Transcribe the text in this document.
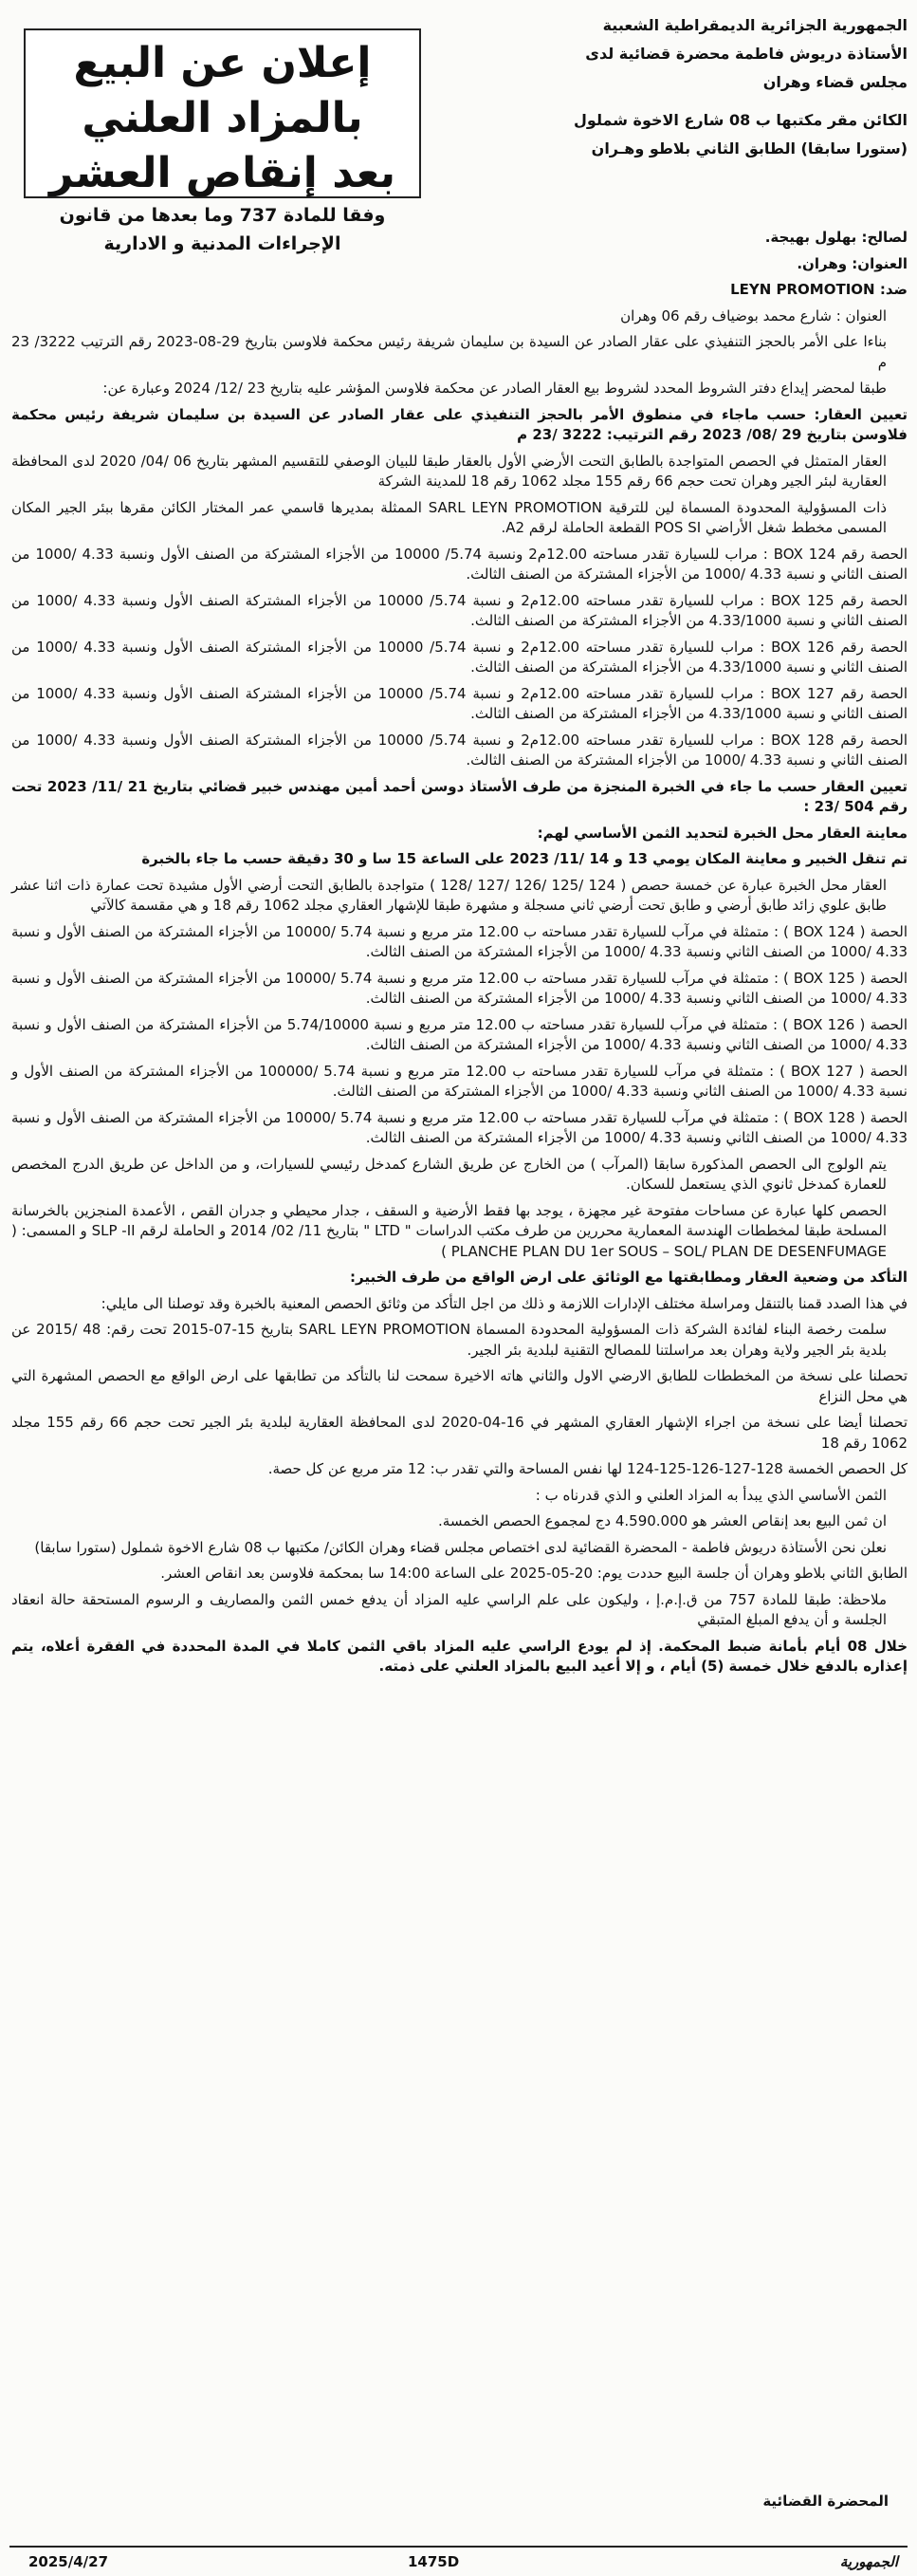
إعلان عن البيع بالمزاد العلني
بعد إنقاص العشر
وفقا للمادة 737 وما بعدها من قانون الإجراءات المدنية و الادارية
الجمهورية الجزائرية الديمقراطية الشعبية
الأستاذة دريوش فاطمة محضرة قضائية لدى
مجلس قضاء وهران
الكائن مقر مكتبها ب 08 شارع الاخوة شملول
(ستورا سابقا) الطابق الثاني بلاطو وهـران

لصالح: بهلول بهيجة.

العنوان: وهران.

ضد: LEYN PROMOTION

العنوان : شارع محمد بوضياف رقم 06 وهران

بناءا على الأمر بالحجز التنفيذي على عقار الصادر عن السيدة بن سليمان شريفة رئيس محكمة فلاوسن بتاريخ 29-08-2023 رقم الترتيب 3222/ 23 م

طبقا لمحضر إيداع دفتر الشروط المحدد لشروط بيع العقار الصادر عن محكمة فلاوسن المؤشر عليه بتاريخ 23 /12/ 2024 وعبارة عن:

تعيين العقار: حسب ماجاء في منطوق الأمر بالحجز التنفيذي على عقار الصادر عن السيدة بن سليمان شريفة رئيس محكمة فلاوسن بتاريخ 29 /08/ 2023 رقم الترتيب: 3222 /23 م

العقار المتمثل في الحصص المتواجدة بالطابق التحت الأرضي الأول بالعقار طبقا للبيان الوصفي للتقسيم المشهر بتاريخ 06 /04/ 2020 لدى المحافظة العقارية لبئر الجير وهران تحت حجم 66 رقم 155 مجلد 1062 رقم 18 للمدينة الشركة

ذات المسؤولية المحدودة المسماة لين للترقية SARL LEYN PROMOTION الممثلة بمديرها قاسمي عمر المختار الكائن مقرها ببئر الجير المكان المسمى مخطط شغل الأراضي POS SI القطعة الحاملة لرقم A2.

الحصة رقم BOX 124 : مراب للسيارة تقدر مساحته 12.00م2 ونسبة 5.74/ 10000 من الأجزاء المشتركة من الصنف الأول ونسبة 4.33 /1000 من الصنف الثاني و نسبة 4.33 /1000 من الأجزاء المشتركة من الصنف الثالث.

الحصة رقم BOX 125 : مراب للسيارة تقدر مساحته 12.00م2 و نسبة 5.74/ 10000 من الأجزاء المشتركة الصنف الأول ونسبة 4.33 /1000 من الصنف الثاني و نسبة 4.33/1000 من الأجزاء المشتركة من الصنف الثالث.

الحصة رقم BOX 126 : مراب للسيارة تقدر مساحته 12.00م2 و نسبة 5.74/ 10000 من الأجزاء المشتركة الصنف الأول ونسبة 4.33 /1000 من الصنف الثاني و نسبة 4.33/1000 من الأجزاء المشتركة من الصنف الثالث.

الحصة رقم BOX 127 : مراب للسيارة تقدر مساحته 12.00م2 و نسبة 5.74/ 10000 من الأجزاء المشتركة الصنف الأول ونسبة 4.33 /1000 من الصنف الثاني و نسبة 4.33/1000 من الأجزاء المشتركة من الصنف الثالث.

الحصة رقم BOX 128 : مراب للسيارة تقدر مساحته 12.00م2 و نسبة 5.74/ 10000 من الأجزاء المشتركة الصنف الأول ونسبة 4.33 /1000 من الصنف الثاني و نسبة 4.33 /1000 من الأجزاء المشتركة من الصنف الثالث.

تعيين العقار حسب ما جاء في الخبرة المنجزة من طرف الأستاذ دوسن أحمد أمين مهندس خبير قضائي بتاريخ 21 /11/ 2023 تحت رقم 504 /23 :

معاينة العقار محل الخبرة لتحديد الثمن الأساسي لهم:

تم تنقل الخبير و معاينة المكان يومي 13 و 14 /11/ 2023 على الساعة 15 سا و 30 دقيقة حسب ما جاء بالخبرة

العقار محل الخبرة عبارة عن خمسة حصص ( 124 /125 /126 /127 /128 ) متواجدة بالطابق التحت أرضي الأول مشيدة تحت عمارة ذات اثنا عشر طابق علوي زائد طابق أرضي و طابق تحت أرضي ثاني مسجلة و مشهرة طبقا للإشهار العقاري مجلد 1062 رقم 18 و هي مقسمة كالآتي

الحصة ( BOX 124 ) : متمثلة في مرآب للسيارة تقدر مساحته ب 12.00 متر مربع و نسبة 5.74 /10000 من الأجزاء المشتركة من الصنف الأول و نسبة 4.33 /1000 من الصنف الثاني ونسبة 4.33 /1000 من الأجزاء المشتركة من الصنف الثالث.

الحصة ( BOX 125 ) : متمثلة في مرآب للسيارة تقدر مساحته ب 12.00 متر مربع و نسبة 5.74 /10000 من الأجزاء المشتركة من الصنف الأول و نسبة 4.33 /1000 من الصنف الثاني ونسبة 4.33 /1000 من الأجزاء المشتركة من الصنف الثالث.

الحصة ( BOX 126 ) : متمثلة في مرآب للسيارة تقدر مساحته ب 12.00 متر مربع و نسبة 5.74/10000 من الأجزاء المشتركة من الصنف الأول و نسبة 4.33 /1000 من الصنف الثاني ونسبة 4.33 /1000 من الأجزاء المشتركة من الصنف الثالث.

الحصة ( BOX 127 ) : متمثلة في مرآب للسيارة تقدر مساحته ب 12.00 متر مربع و نسبة 5.74 /100000 من الأجزاء المشتركة من الصنف الأول و نسبة 4.33 /1000 من الصنف الثاني ونسبة 4.33 /1000 من الأجزاء المشتركة من الصنف الثالث.

الحصة ( BOX 128 ) : متمثلة في مرآب للسيارة تقدر مساحته ب 12.00 متر مربع و نسبة 5.74 /10000 من الأجزاء المشتركة من الصنف الأول و نسبة 4.33 /1000 من الصنف الثاني ونسبة 4.33 /1000 من الأجزاء المشتركة من الصنف الثالث.

يتم الولوج الى الحصص المذكورة سابقا (المرآب ) من الخارج عن طريق الشارع كمدخل رئيسي للسيارات، و من الداخل عن طريق الدرج المخصص للعمارة كمدخل ثانوي الذي يستعمل للسكان.

الحصص كلها عبارة عن مساحات مفتوحة غير مجهزة ، يوجد بها فقط الأرضية و السقف ، جدار محيطي و جدران القص ، الأعمدة المنجزين بالخرسانة المسلحة طبقا لمخططات الهندسة المعمارية محررين من طرف مكتب الدراسات " LTD " بتاريخ 11/ 02/ 2014 و الحاملة لرقم SLP -II و المسمى: ( PLANCHE PLAN DU 1er SOUS – SOL/ PLAN DE DESENFUMAGE )

التأكد من وضعية العقار ومطابقتها مع الوثائق على ارض الواقع من طرف الخبير:

في هذا الصدد قمنا بالتنقل ومراسلة مختلف الإدارات اللازمة و ذلك من اجل التأكد من وثائق الحصص المعنية بالخبرة وقد توصلنا الى مايلي:

سلمت رخصة البناء لفائدة الشركة ذات المسؤولية المحدودة المسماة SARL LEYN PROMOTION بتاريخ 15-07-2015 تحت رقم: 48 /2015 عن بلدية بئر الجير ولاية وهران بعد مراسلتنا للمصالح التقنية لبلدية بئر الجير.

تحصلنا على نسخة من المخططات للطابق الارضي الاول والثاني هاته الاخيرة سمحت لنا بالتأكد من تطابقها على ارض الواقع مع الحصص المشهرة التي هي محل النزاع

تحصلنا أيضا على نسخة من اجراء الإشهار العقاري المشهر في 16-04-2020 لدى المحافظة العقارية لبلدية بئر الجير تحت حجم 66 رقم 155 مجلد 1062 رقم 18

كل الحصص الخمسة 128-127-126-125-124 لها نفس المساحة والتي تقدر ب: 12 متر مربع عن كل حصة.

الثمن الأساسي الذي يبدأ به المزاد العلني و الذي قدرناه ب :

ان ثمن البيع بعد إنقاص العشر هو 4.590.000 دج لمجموع الحصص الخمسة.

نعلن نحن الأستاذة دريوش فاطمة - المحضرة القضائية لدى اختصاص مجلس قضاء وهران الكائن/ مكتبها ب 08 شارع الاخوة شملول (ستورا سابقا)

الطابق الثاني بلاطو وهران أن جلسة البيع حددت يوم: 20-05-2025 على الساعة 14:00 سا بمحكمة فلاوسن بعد انقاص العشر.

ملاحظة: طبقا للمادة 757 من ق.إ.م.إ ، وليكون على علم الراسي عليه المزاد أن يدفع خمس الثمن والمصاريف و الرسوم المستحقة حالة انعقاد الجلسة و أن يدفع المبلغ المتبقي

خلال 08 أيام بأمانة ضبط المحكمة. إذ لم يودع الراسي عليه المزاد باقي الثمن كاملا في المدة المحددة في الفقرة أعلاه، يتم إعذاره بالدفع خلال خمسة (5) أيام ، و إلا أعيد البيع بالمزاد العلني على ذمته.

المحضرة القضائية
الجمهورية
1475D
2025/4/27
